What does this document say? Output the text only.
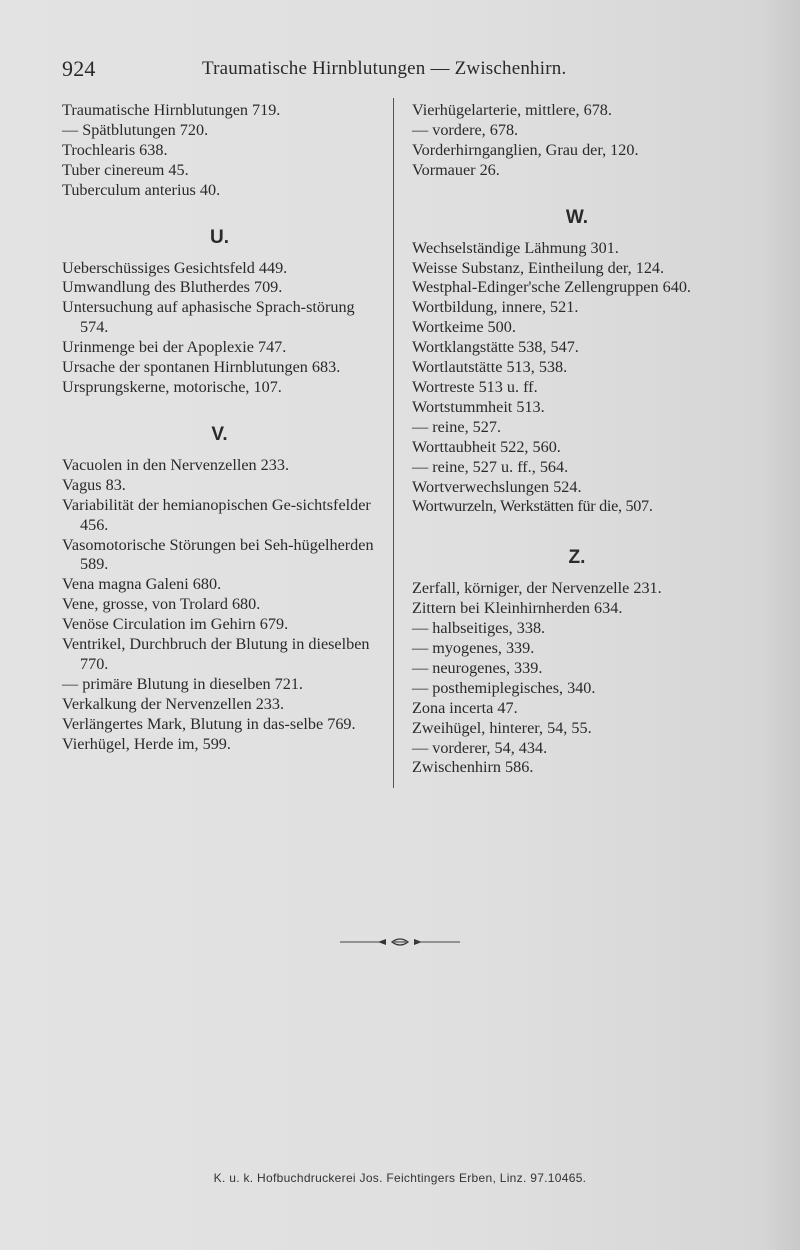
924	Traumatische Hirnblutungen — Zwischenhirn.
Traumatische Hirnblutungen 719.
— Spätblutungen 720.
Trochlearis 638.
Tuber cinereum 45.
Tuberculum anterius 40.
U.
Ueberschüssiges Gesichtsfeld 449.
Umwandlung des Blutherdes 709.
Untersuchung auf aphasische Sprach-störung 574.
Urinmenge bei der Apoplexie 747.
Ursache der spontanen Hirnblutungen 683.
Ursprungskerne, motorische, 107.
V.
Vacuolen in den Nervenzellen 233.
Vagus 83.
Variabilität der hemianopischen Ge-sichtsfelder 456.
Vasomotorische Störungen bei Seh-hügelherden 589.
Vena magna Galeni 680.
Vene, grosse, von Trolard 680.
Venöse Circulation im Gehirn 679.
Ventrikel, Durchbruch der Blutung in dieselben 770.
— primäre Blutung in dieselben 721.
Verkalkung der Nervenzellen 233.
Verlängertes Mark, Blutung in das-selbe 769.
Vierhügel, Herde im, 599.
Vierhügelarterie, mittlere, 678.
— vordere, 678.
Vorderhirnganglien, Grau der, 120.
Vormauer 26.
W.
Wechselständige Lähmung 301.
Weisse Substanz, Eintheilung der, 124.
Westphal-Edinger'sche Zellengruppen 640.
Wortbildung, innere, 521.
Wortkeime 500.
Wortklangstätte 538, 547.
Wortlautstätte 513, 538.
Wortreste 513 u. ff.
Wortstummheit 513.
— reine, 527.
Worttaubheit 522, 560.
— reine, 527 u. ff., 564.
Wortverwechslungen 524.
Wortwurzeln, Werkstätten für die, 507.
Z.
Zerfall, körniger, der Nervenzelle 231.
Zittern bei Kleinhirnherden 634.
— halbseitiges, 338.
— myogenes, 339.
— neurogenes, 339.
— posthemiplegisches, 340.
Zona incerta 47.
Zweihügel, hinterer, 54, 55.
— vorderer, 54, 434.
Zwischenhirn 586.
K. u. k. Hofbuchdruckerei Jos. Feichtingers Erben, Linz. 97.10465.
